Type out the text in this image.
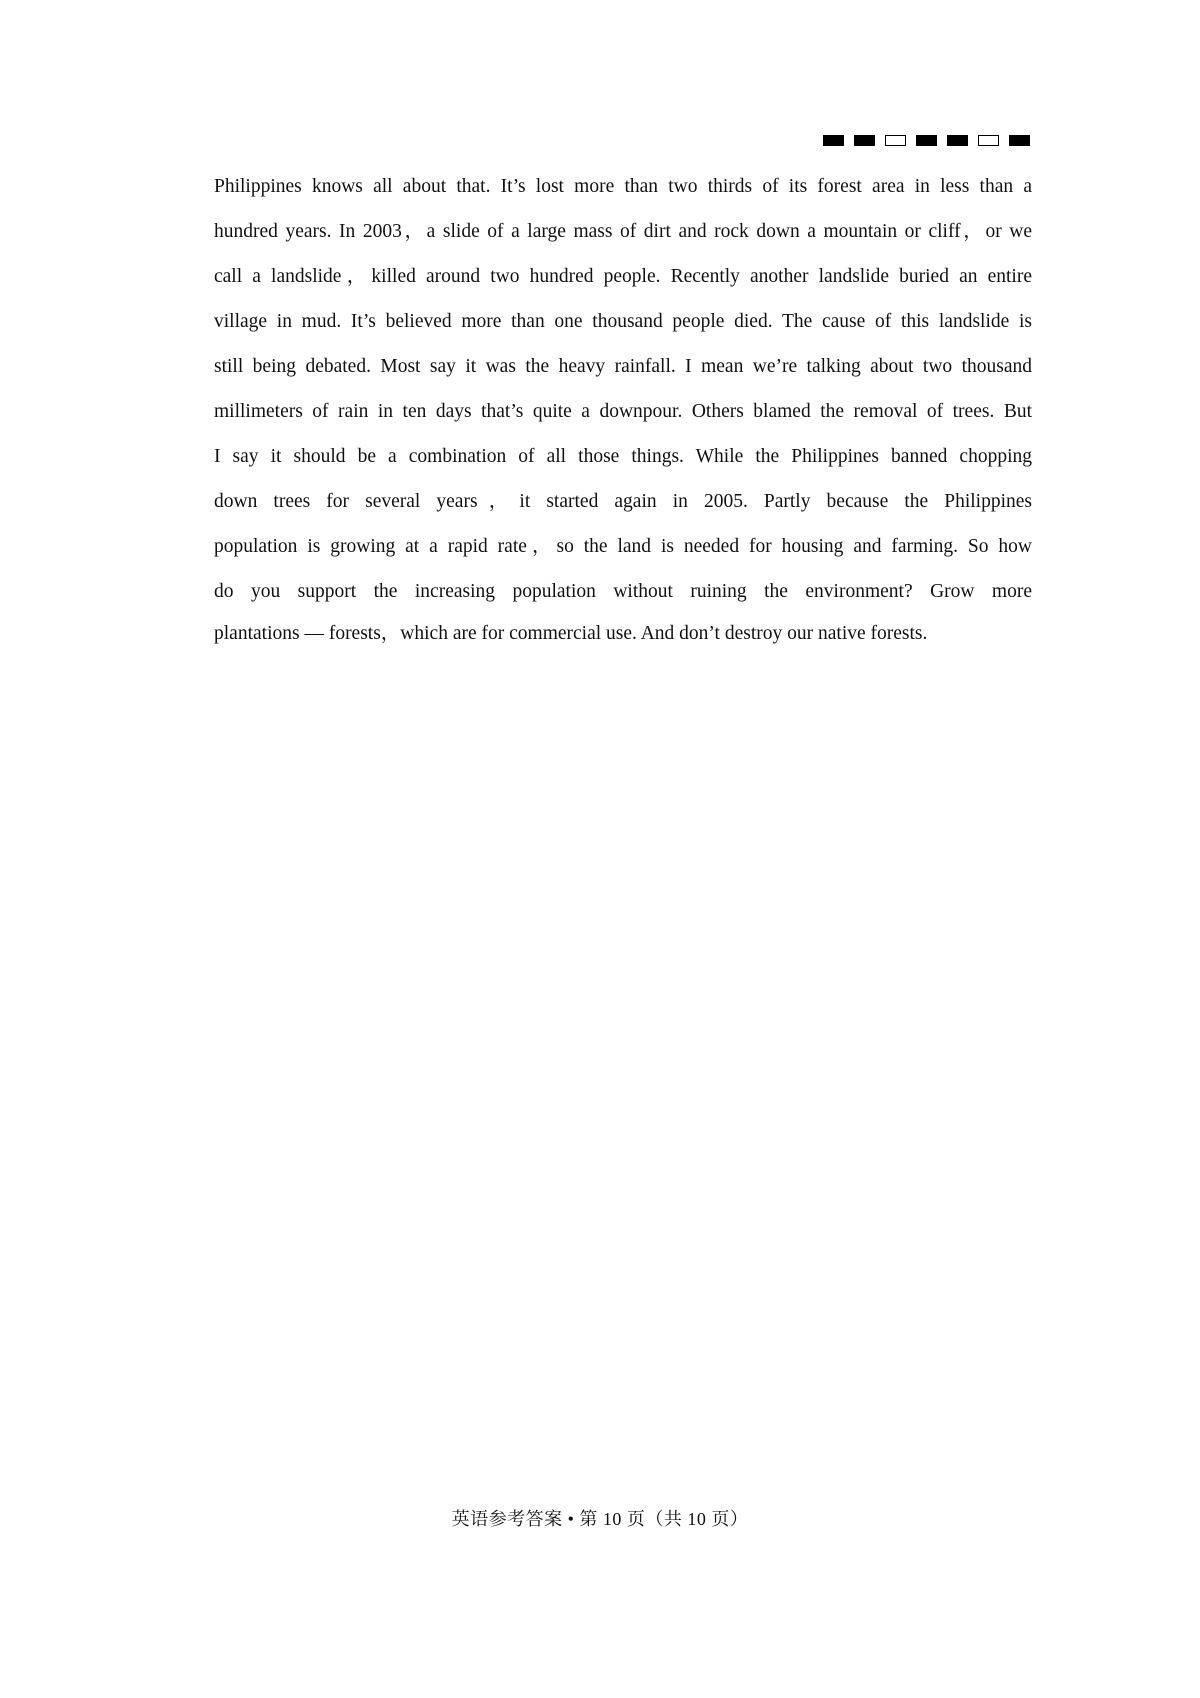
Philippines knows all about that. It’s lost more than two thirds of its forest area in less than a
hundred years. In 2003，a slide of a large mass of dirt and rock down a mountain or cliff，or we
call a landslide，killed around two hundred people. Recently another landslide buried an entire
village in mud. It’s believed more than one thousand people died. The cause of this landslide is
still being debated. Most say it was the heavy rainfall. I mean we’re talking about two thousand
millimeters of rain in ten days that’s quite a downpour. Others blamed the removal of trees. But
I say it should be a combination of all those things. While the Philippines banned chopping
down trees for several years，it started again in 2005. Partly because the Philippines
population is growing at a rapid rate，so the land is needed for housing and farming. So how
do you support the increasing population without ruining the environment? Grow more
plantations — forests，which are for commercial use. And don’t destroy our native forests.
英语参考答案 • 第 10 页（共 10 页）
